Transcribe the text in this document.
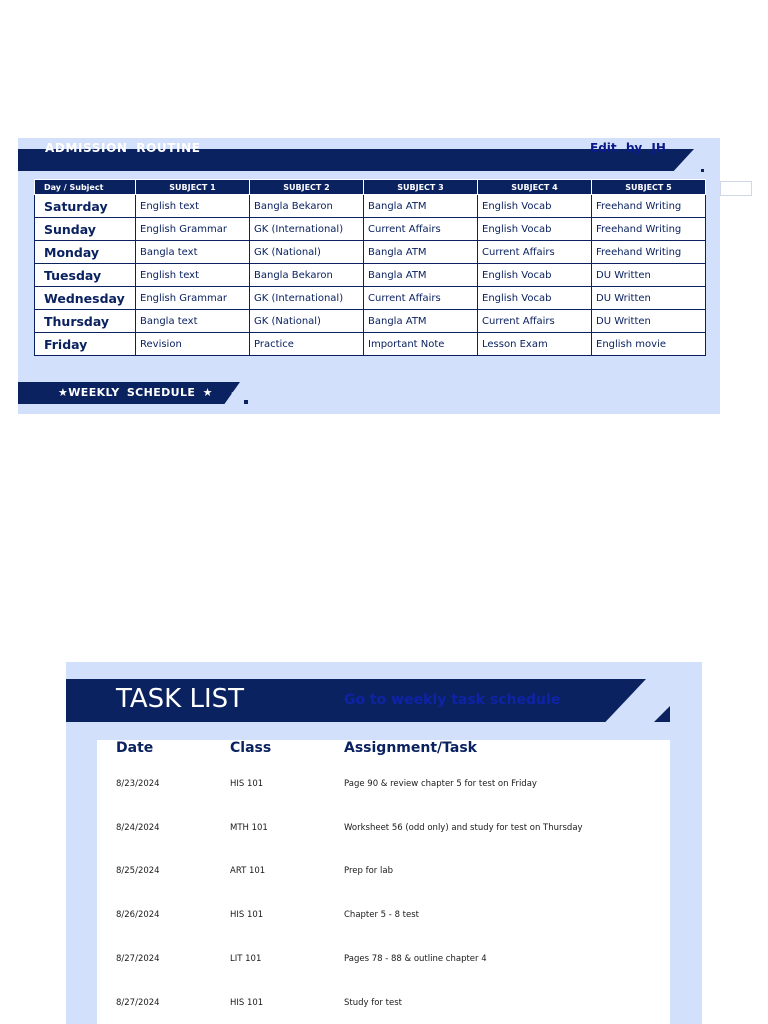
ADMISSION ROUTINE	Edit by JH
Day / Subject	SUBJECT 1	SUBJECT 2	SUBJECT 3	SUBJECT 4	SUBJECT 5
Saturday	English text	Bangla Bekaron	Bangla ATM	English Vocab	Freehand Writing
Sunday	English Grammar	GK (International)	Current Affairs	English Vocab	Freehand Writing
Monday	Bangla text	GK (National)	Bangla ATM	Current Affairs	Freehand Writing
Tuesday	English text	Bangla Bekaron	Bangla ATM	English Vocab	DU Written
Wednesday	English Grammar	GK (International)	Current Affairs	English Vocab	DU Written
Thursday	Bangla text	GK (National)	Bangla ATM	Current Affairs	DU Written
Friday	Revision	Practice	Important Note	Lesson Exam	English movie
★WEEKLY SCHEDULE ★
TASK LIST	Go to weekly task schedule
Date	Class	Assignment/Task
8/23/2024	HIS 101	Page 90 & review chapter 5 for test on Friday
8/24/2024	MTH 101	Worksheet 56 (odd only) and study for test on Thursday
8/25/2024	ART 101	Prep for lab
8/26/2024	HIS 101	Chapter 5 - 8 test
8/27/2024	LIT 101	Pages 78 - 88 & outline chapter 4
8/27/2024	HIS 101	Study for test
